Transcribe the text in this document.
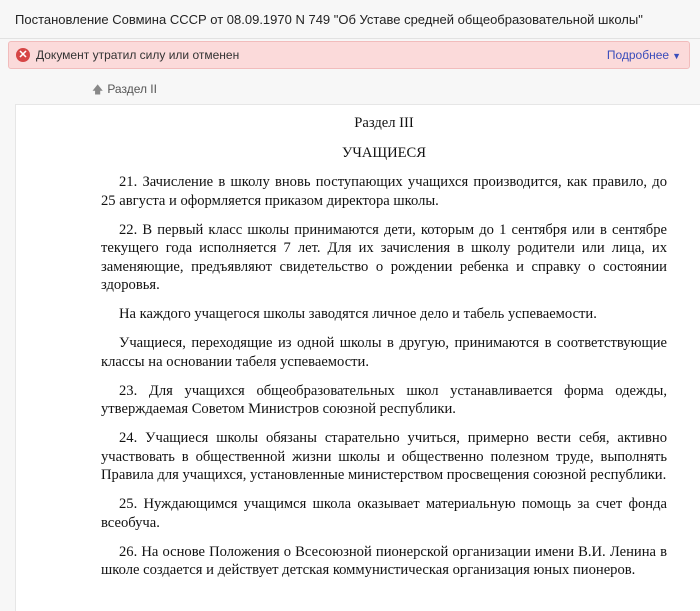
Постановление Совмина СССР от 08.09.1970 N 749 "Об Уставе средней общеобразовательной школы"
✕ Документ утратил силу или отменен	Подробнее ▼
🡅 Раздел II

Раздел III

УЧАЩИЕСЯ

21. Зачисление в школу вновь поступающих учащихся производится, как правило, до 25 августа и оформляется приказом директора школы.

22. В первый класс школы принимаются дети, которым до 1 сентября или в сентябре текущего года исполняется 7 лет. Для их зачисления в школу родители или лица, их заменяющие, предъявляют свидетельство о рождении ребенка и справку о состоянии здоровья.

На каждого учащегося школы заводятся личное дело и табель успеваемости.

Учащиеся, переходящие из одной школы в другую, принимаются в соответствующие классы на основании табеля успеваемости.

23. Для учащихся общеобразовательных школ устанавливается форма одежды, утверждаемая Советом Министров союзной республики.

24. Учащиеся школы обязаны старательно учиться, примерно вести себя, активно участвовать в общественной жизни школы и общественно полезном труде, выполнять Правила для учащихся, установленные министерством просвещения союзной республики.

25. Нуждающимся учащимся школа оказывает материальную помощь за счет фонда всеобуча.

26. На основе Положения о Всесоюзной пионерской организации имени В.И. Ленина в школе создается и действует детская коммунистическая организация юных пионеров.
